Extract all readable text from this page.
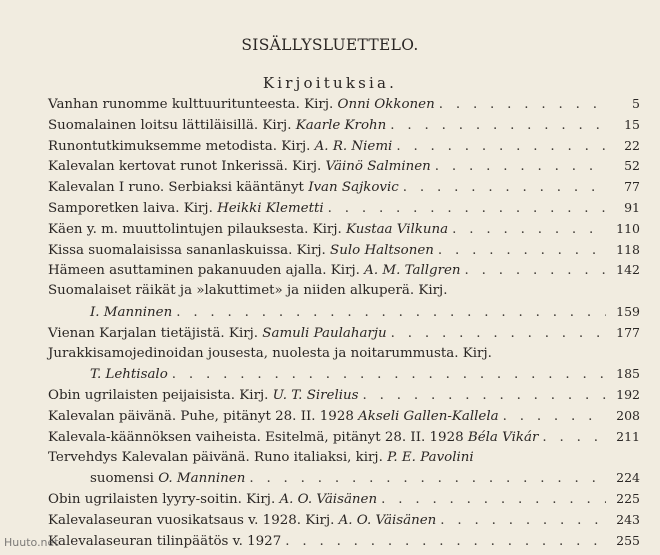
SISÄLLYSLUETTELO.
Kirjoituksia.
Vanhan runomme kulttuuritunteesta. Kirj. Onni Okkonen . . .	5
Suomalainen loitsu lättiläisillä. Kirj. Kaarle Krohn . . .	15
Runontutkimuksemme metodista. Kirj. A. R. Niemi . . .	22
Kalevalan kertovat runot Inkerissä. Kirj. Väinö Salminen . . .	52
Kalevalan I runo. Serbiaksi kääntänyt Ivan Sajkovic . . .	77
Samporetken laiva. Kirj. Heikki Klemetti . . .	91
Käen y. m. muuttolintujen pilauksesta. Kirj. Kustaa Vilkuna . . .	110
Kissa suomalaisissa sananlaskuissa. Kirj. Sulo Haltsonen . . .	118
Hämeen asuttaminen pakanuuden ajalla. Kirj. A. M. Tallgren . . .	142
Suomalaiset räikät ja »lakuttimet» ja niiden alkuperä. Kirj.
I. Manninen . . .	159
Vienan Karjalan tietäjistä. Kirj. Samuli Paulaharju . . .	177
Jurakkisamojedinoidan jousesta, nuolesta ja noitarummusta. Kirj.
T. Lehtisalo . . .	185
Obin ugrilaisten peijaisista. Kirj. U. T. Sirelius . . .	192
Kalevalan päivänä. Puhe, pitänyt 28. II. 1928 Akseli Gallen-Kallela . . .	208
Kalevala-käännöksen vaiheista. Esitelmä, pitänyt 28. II. 1928 Béla Vikár . . .	211
Tervehdys Kalevalan päivänä. Runo italiaksi, kirj. P. E. Pavolini
suomensi O. Manninen . . .	224
Obin ugrilaisten lyyry-soitin. Kirj. A. O. Väisänen . . .	225
Kalevalaseuran vuosikatsaus v. 1928. Kirj. A. O. Väisänen . . .	243
Kalevalaseuran tilinpäätös v. 1927 . . .	255
Huuto.net
